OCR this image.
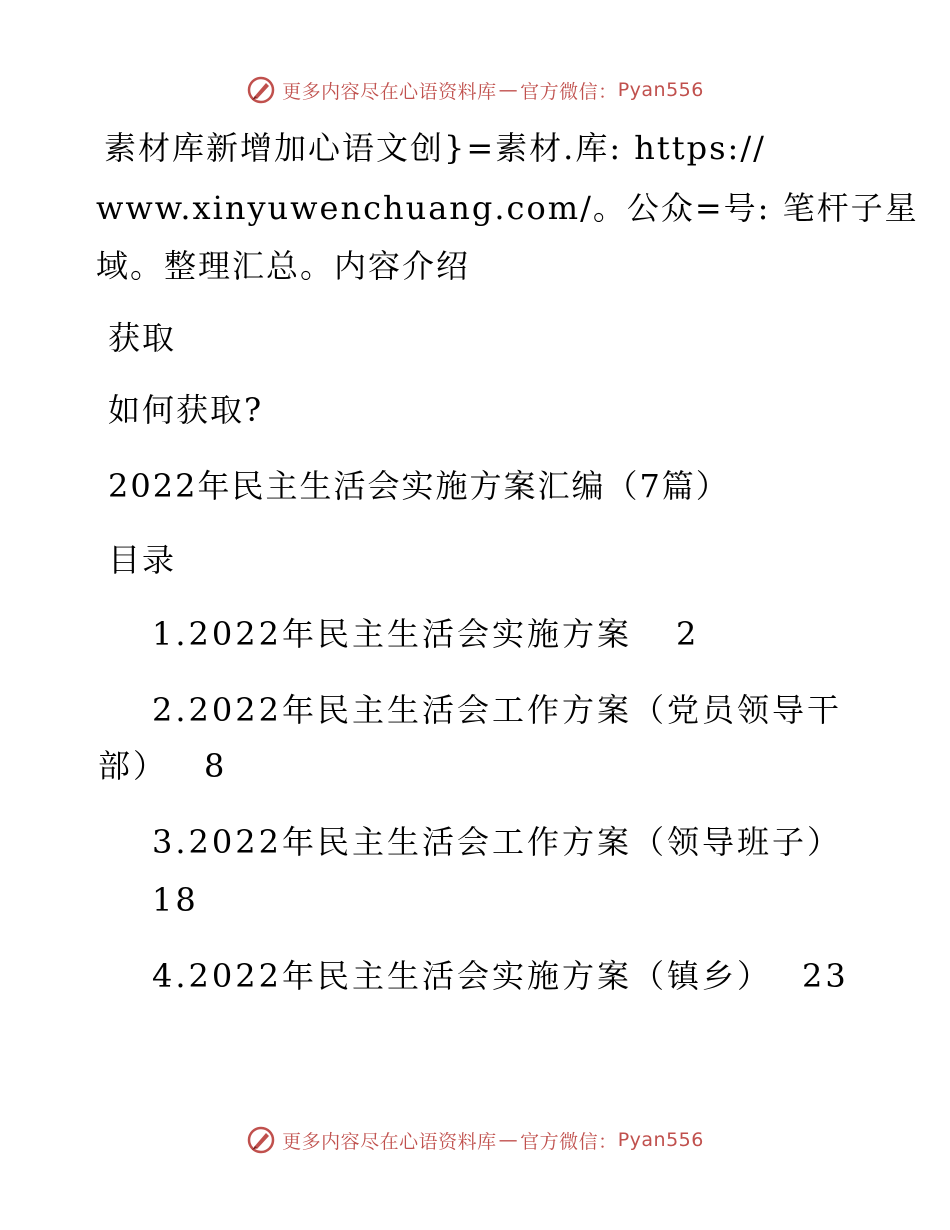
更多内容尽在心语资料库 — 官方微信： Pyan556
素材库新增加心语文创}=素材.库: https://
www.xinyuwenchuang.com/。公众=号: 笔杆子星
域。整理汇总。内容介绍
获取
如何获取?
2022年民主生活会实施方案汇编（7篇）
目录
1.2022年民主生活会实施方案 2
2.2022年民主生活会工作方案（党员领导干
部） 8
3.2022年民主生活会工作方案（领导班子）
18
4.2022年民主生活会实施方案（镇乡） 23
更多内容尽在心语资料库 — 官方微信： Pyan556
